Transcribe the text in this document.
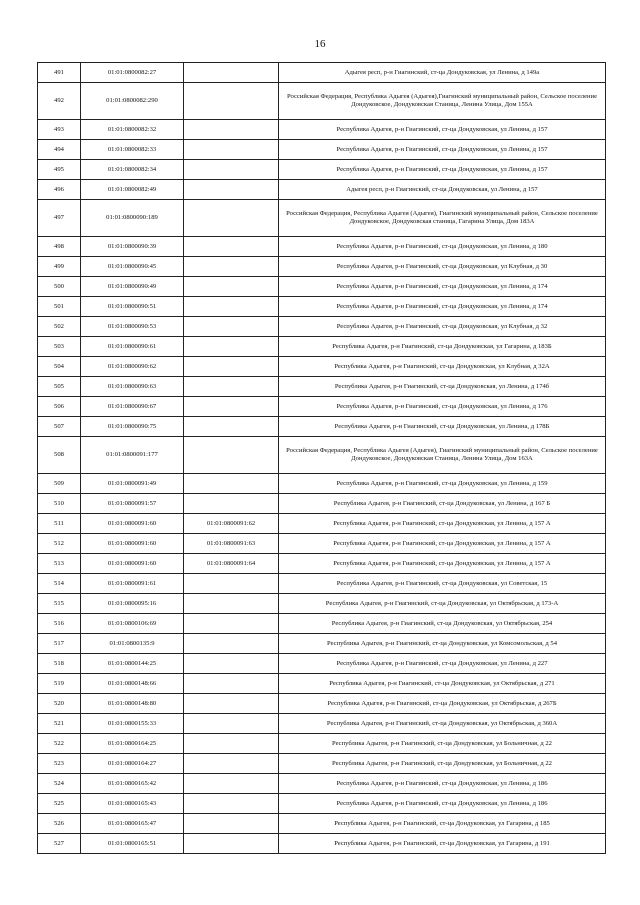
16
491	01:01:0800082:27		Адыгея респ, р-н Гиагинский, ст-ца Дондуковская, ул Ленина, д 149а
492	01:01:0800082:290		Российская Федерация, Республика Адыгея (Адыгея),Гиагинский муниципальный район, Сельское поселение Дондуковское, Дондуковская Станица, Ленина Улица, Дом 155А
493	01:01:0800082:32		Республика Адыгея, р-н Гиагинский, ст-ца Дондуковская, ул Ленина, д 157
494	01:01:0800082:33		Республика Адыгея, р-н Гиагинский, ст-ца Дондуковская, ул Ленина, д 157
495	01:01:0800082:34		Республика Адыгея, р-н Гиагинский, ст-ца Дондуковская, ул Ленина, д 157
496	01:01:0800082:49		Адыгея респ, р-н Гиагинский, ст-ца Дондуковская, ул Ленина, д 157
497	01:01:0800090:189		Российская Федерация, Республика Адыгея (Адыгея), Гиагинский муниципальный район, Сельское поселение Дондуковское, Дондуковская станица, Гагарина Улица, Дом 183А
498	01:01:0800090:39		Республика Адыгея, р-н Гиагинский, ст-ца Дондуковская, ул Ленина, д 180
499	01:01:0800090:45		Республика Адыгея, р-н Гиагинский, ст-ца Дондуковская, ул Клубная, д 30
500	01:01:0800090:49		Республика Адыгея, р-н Гиагинский, ст-ца Дондуковская, ул Ленина, д 174
501	01:01:0800090:51		Республика Адыгея, р-н Гиагинский, ст-ца Дондуковская, ул Ленина, д 174
502	01:01:0800090:53		Республика Адыгея, р-н Гиагинский, ст-ца Дондуковская, ул Клубная, д 32
503	01:01:0800090:61		Республика Адыгея, р-н Гиагинский, ст-ца Дондуковская, ул Гагарина, д 183Б
504	01:01:0800090:62		Республика Адыгея, р-н Гиагинский, ст-ца Дондуковская, ул Клубная, д 32А
505	01:01:0800090:63		Республика Адыгея, р-н Гиагинский, ст-ца Дондуковская, ул Ленина, д 174б
506	01:01:0800090:67		Республика Адыгея, р-н Гиагинский, ст-ца Дондуковская, ул Ленина, д 176
507	01:01:0800090:75		Республика Адыгея, р-н Гиагинский, ст-ца Дондуковская, ул Ленина, д 178Б
508	01:01:0800091:177		Российская Федерация, Республика Адыгея (Адыгея), Гиагинский муниципальный район, Сельское поселение Дондуковское, Дондуковская Станица, Ленина Улица, Дом 163А
509	01:01:0800091:49		Республика Адыгея, р-н Гиагинский, ст-ца Дондуковская, ул Ленина, д 159
510	01:01:0800091:57		Республика Адыгея, р-н Гиагинский, ст-ца Дондуковская, ул Ленина, д 167 Б
511	01:01:0800091:60	01:01:0800091:62	Республика Адыгея, р-н Гиагинский, ст-ца Дондуковская, ул Ленина, д 157 А
512	01:01:0800091:60	01:01:0800091:63	Республика Адыгея, р-н Гиагинский, ст-ца Дондуковская, ул Ленина, д 157 А
513	01:01:0800091:60	01:01:0800091:64	Республика Адыгея, р-н Гиагинский, ст-ца Дондуковская, ул Ленина, д 157 А
514	01:01:0800091:61		Республика Адыгея, р-н Гиагинский, ст-ца Дондуковская, ул Советская, 15
515	01:01:0800095:16		Республика Адыгея, р-н Гиагинский, ст-ца Дондуковская, ул Октябрьская, д 173-А
516	01:01:0800106:69		Республика Адыгея, р-н Гиагинский, ст-ца Дондуковская, ул Октябрьская, 254
517	01:01:0800135:9		Республика Адыгея, р-н Гиагинский, ст-ца Дондуковская, ул Комсомольская, д 54
518	01:01:0800144:25		Республика Адыгея, р-н Гиагинский, ст-ца Дондуковская, ул Ленина, д 227
519	01:01:0800148:66		Республика Адыгея, р-н Гиагинский, ст-ца Дондуковская, ул Октябрьская, д 271
520	01:01:0800148:80		Республика Адыгея, р-н Гиагинский, ст-ца Дондуковская, ул Октябрьская, д 267Б
521	01:01:0800155:33		Республика Адыгея, р-н Гиагинский, ст-ца Дондуковская, ул Октябрьская, д 360А
522	01:01:0800164:25		Республика Адыгея, р-н Гиагинский, ст-ца Дондуковская, ул Больничная, д 22
523	01:01:0800164:27		Республика Адыгея, р-н Гиагинский, ст-ца Дондуковская, ул Больничная, д 22
524	01:01:0800165:42		Республика Адыгея, р-н Гиагинский, ст-ца Дондуковская, ул Ленина, д 186
525	01:01:0800165:43		Республика Адыгея, р-н Гиагинский, ст-ца Дондуковская, ул Ленина, д 186
526	01:01:0800165:47		Республика Адыгея, р-н Гиагинский, ст-ца Дондуковская, ул Гагарина, д 185
527	01:01:0800165:51		Республика Адыгея, р-н Гиагинский, ст-ца Дондуковская, ул Гагарина, д 191
